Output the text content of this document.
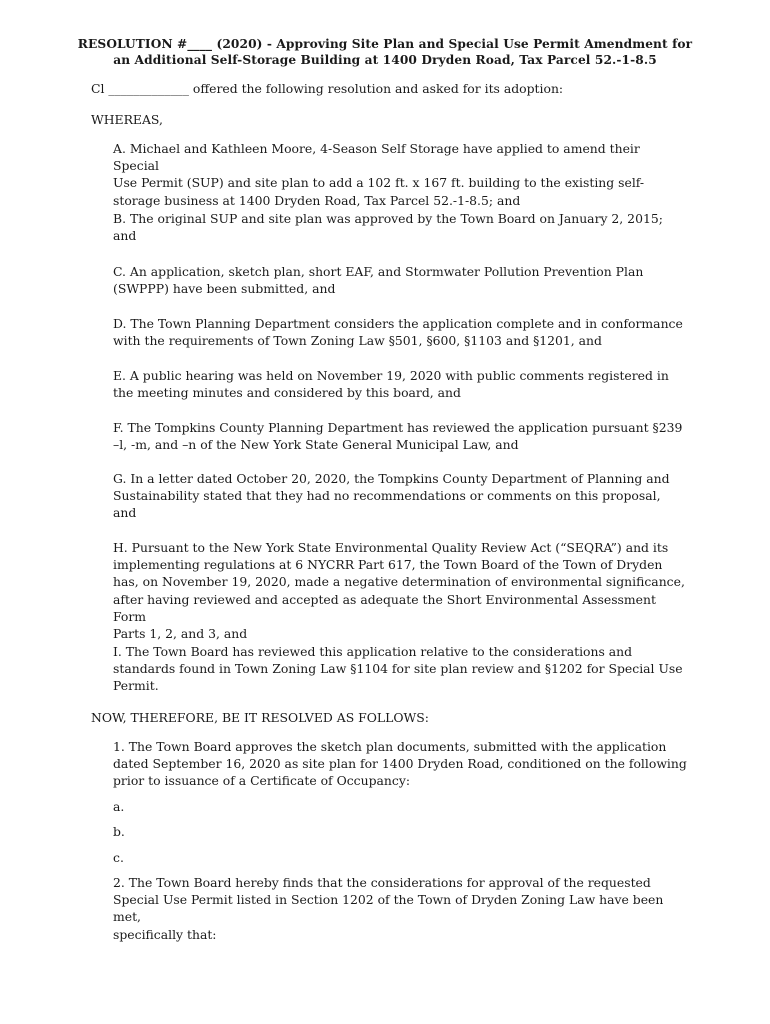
RESOLUTION #____ (2020) - Approving Site Plan and Special Use Permit Amendment for
an Additional Self-Storage Building at 1400 Dryden Road, Tax Parcel 52.-1-8.5
Cl _____________ offered the following resolution and asked for its adoption:
WHEREAS,
A. Michael and Kathleen Moore, 4-Season Self Storage have applied to amend their Special
Use Permit (SUP) and site plan to add a 102 ft. x 167 ft. building to the existing self-
storage business at 1400 Dryden Road, Tax Parcel 52.-1-8.5; and
B. The original SUP and site plan was approved by the Town Board on January 2, 2015;
and
C. An application, sketch plan, short EAF, and Stormwater Pollution Prevention Plan
(SWPPP) have been submitted, and
D. The Town Planning Department considers the application complete and in conformance
with the requirements of Town Zoning Law §501, §600, §1103 and §1201, and
E. A public hearing was held on November 19, 2020 with public comments registered in
the meeting minutes and considered by this board, and
F. The Tompkins County Planning Department has reviewed the application pursuant §239
–l, -m, and –n of the New York State General Municipal Law, and
G. In a letter dated October 20, 2020, the Tompkins County Department of Planning and
Sustainability stated that they had no recommendations or comments on this proposal,
and
H. Pursuant to the New York State Environmental Quality Review Act (“SEQRA”) and its
implementing regulations at 6 NYCRR Part 617, the Town Board of the Town of Dryden
has, on November 19, 2020, made a negative determination of environmental significance,
after having reviewed and accepted as adequate the Short Environmental Assessment Form
Parts 1, 2, and 3, and
I. The Town Board has reviewed this application relative to the considerations and
standards found in Town Zoning Law §1104 for site plan review and §1202 for Special Use
Permit.
NOW, THEREFORE, BE IT RESOLVED AS FOLLOWS:
1. The Town Board approves the sketch plan documents, submitted with the application
dated September 16, 2020 as site plan for 1400 Dryden Road, conditioned on the following
prior to issuance of a Certificate of Occupancy:
a.
b.
c.
2. The Town Board hereby finds that the considerations for approval of the requested
Special Use Permit listed in Section 1202 of the Town of Dryden Zoning Law have been met,
specifically that:
